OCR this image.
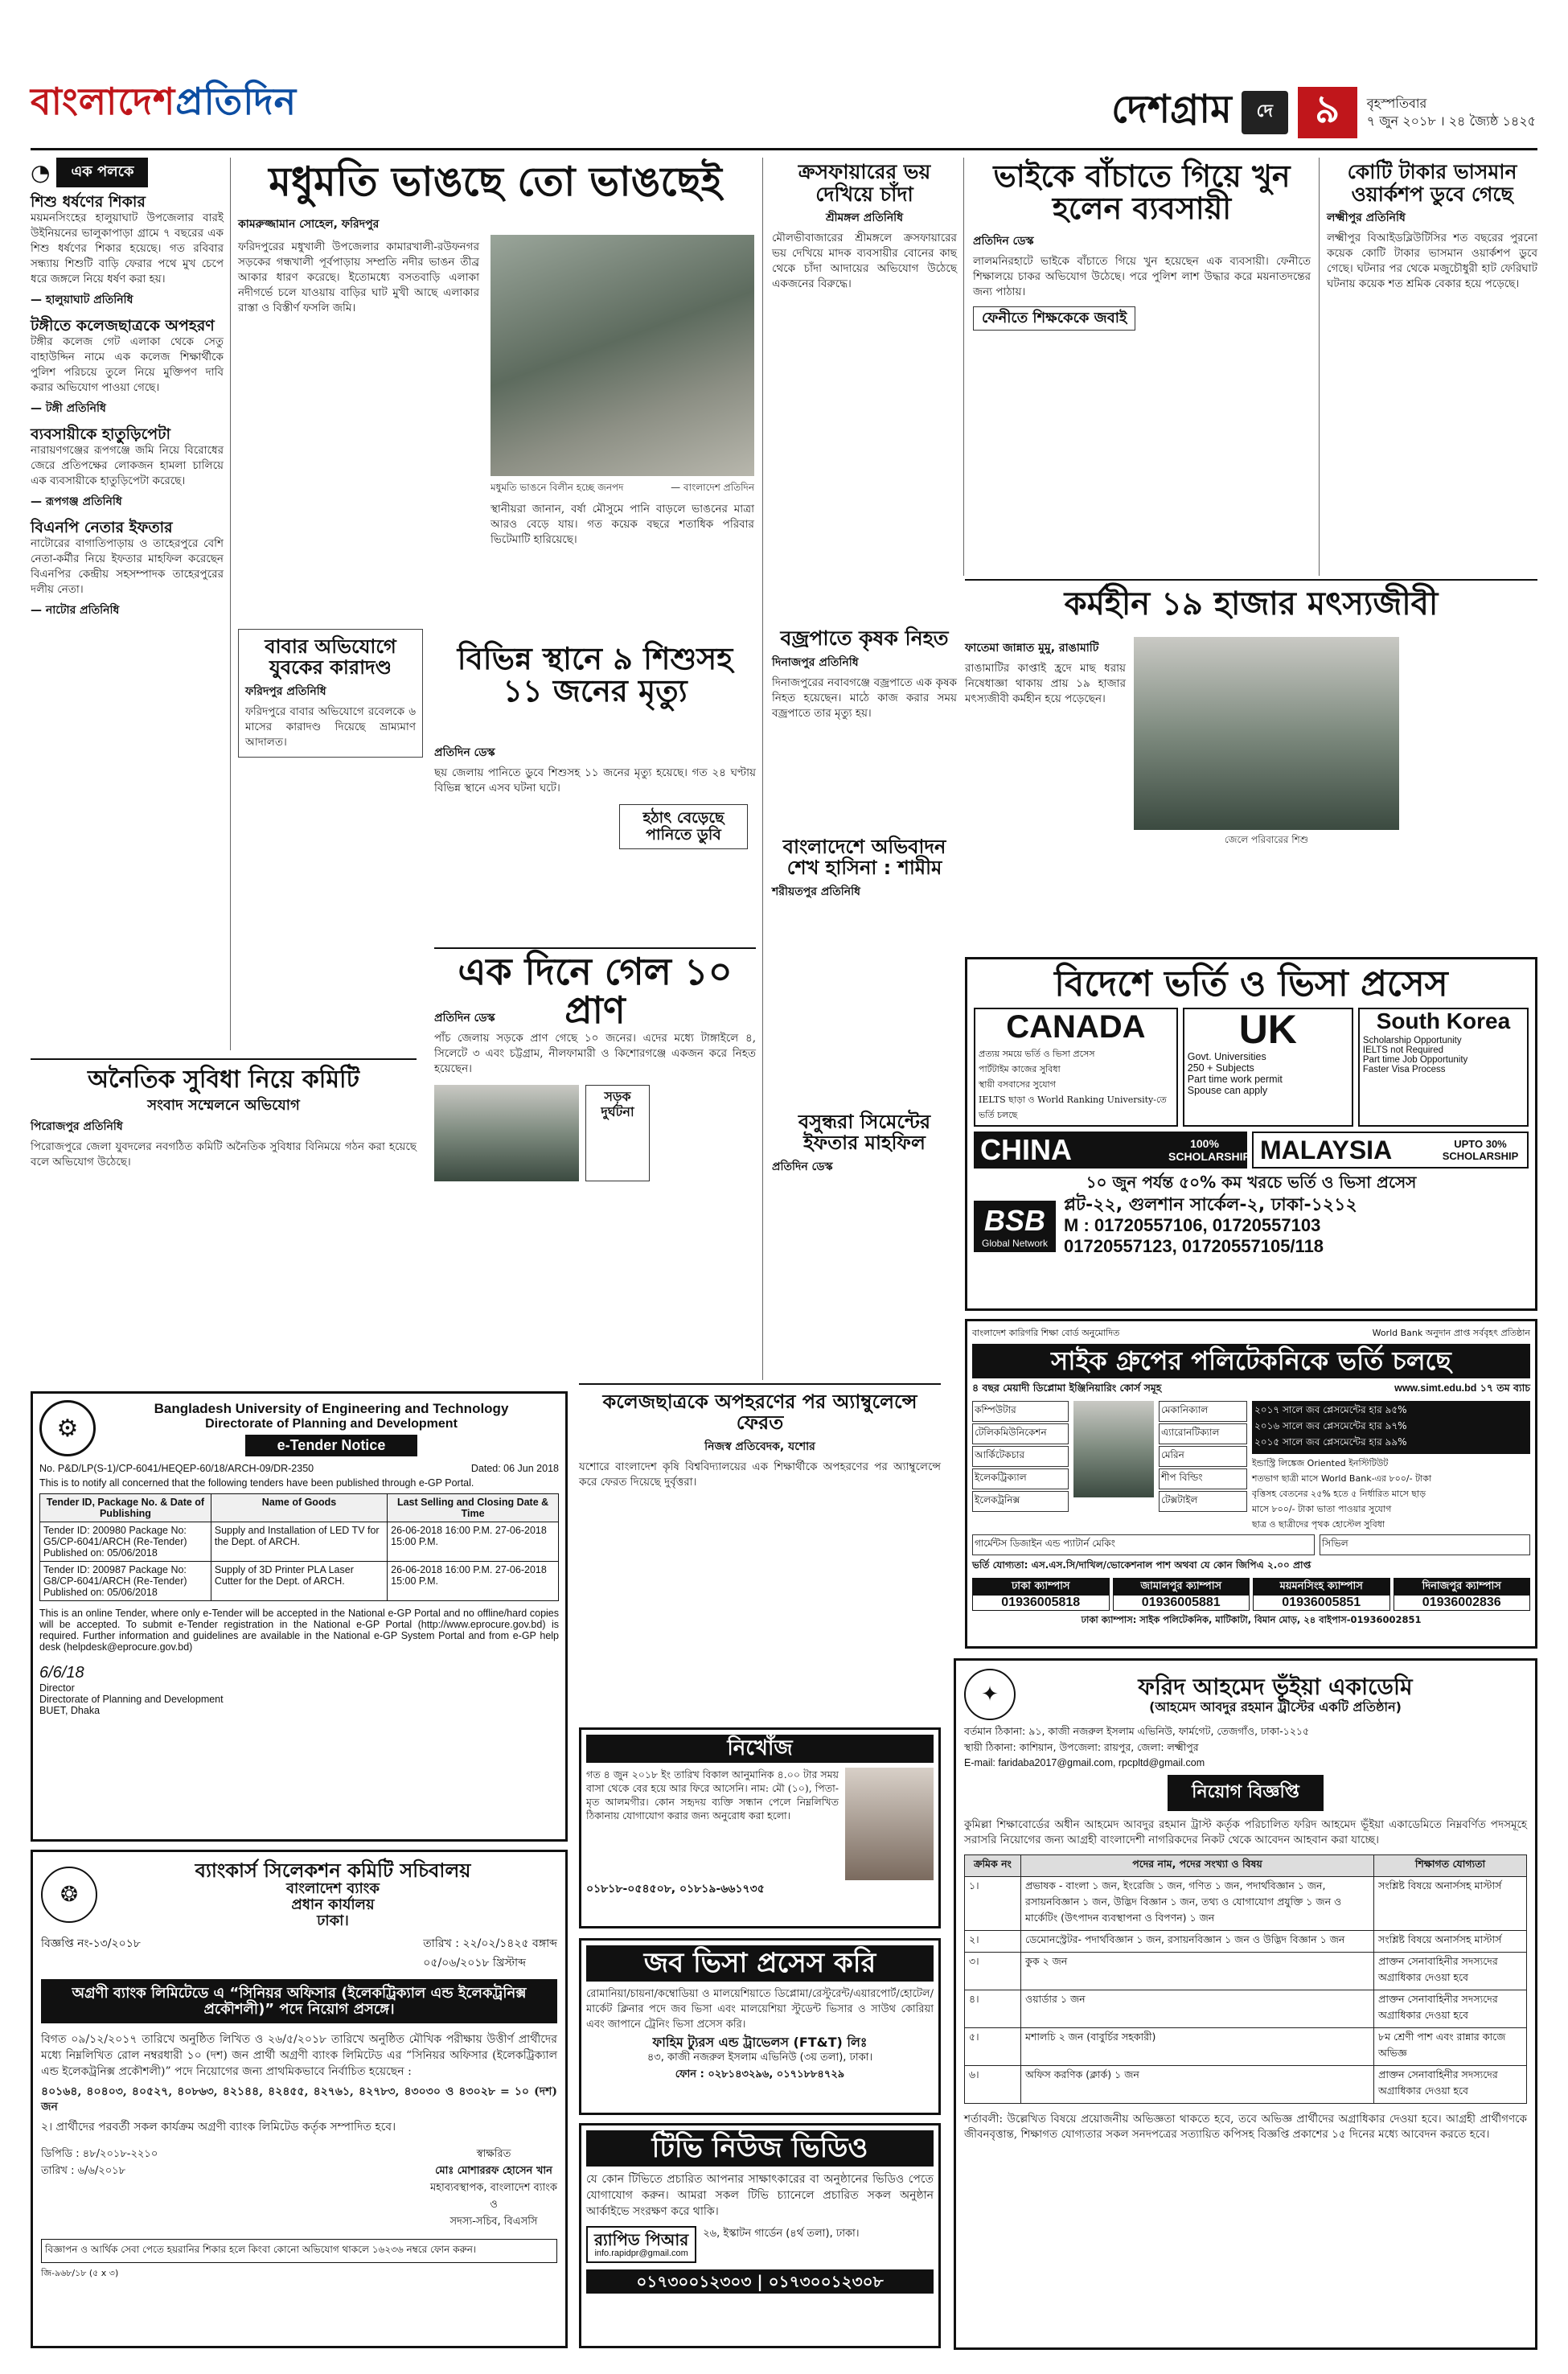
বাংলাদেশপ্রতিদিন	দেশগ্রাম	দে	৯	বৃহস্পতিবার
৭ জুন ২০১৮ । ২৪ জ্যৈষ্ঠ ১৪২৫
◔	এক পলকে
শিশু ধর্ষণের শিকার
ময়মনসিংহের হালুয়াঘাট উপজেলার বারই উইনিয়নের ভালুকাপাড়া গ্রামে ৭ বছরের এক শিশু ধর্ষণের শিকার হয়েছে। গত রবিবার সন্ধ্যায় শিশুটি বাড়ি ফেরার পথে মুখ চেপে ধরে জঙ্গলে নিয়ে ধর্ষণ করা হয়।
— হালুয়াঘাট প্রতিনিধি
টঙ্গীতে কলেজছাত্রকে অপহরণ
টঙ্গীর কলেজ গেট এলাকা থেকে সেতু বাহাউদ্দিন নামে এক কলেজ শিক্ষার্থীকে পুলিশ পরিচয়ে তুলে নিয়ে মুক্তিপণ দাবি করার অভিযোগ পাওয়া গেছে।
— টঙ্গী প্রতিনিধি
ব্যবসায়ীকে হাতুড়িপেটা
নারায়ণগঞ্জের রূপগঞ্জে জমি নিয়ে বিরোধের জেরে প্রতিপক্ষের লোকজন হামলা চালিয়ে এক ব্যবসায়ীকে হাতুড়িপেটা করেছে।
— রূপগঞ্জ প্রতিনিধি
বিএনপি নেতার ইফতার
নাটোরের বাগাতিপাড়ায় ও তাহেরপুরে বেশি নেতা-কর্মীর নিয়ে ইফতার মাহফিল করেছেন বিএনপির কেন্দ্রীয় সহসম্পাদক তাহেরপুরের দলীয় নেতা।
— নাটোর প্রতিনিধি
মধুমতি ভাঙছে তো ভাঙছেই
কামরুজ্জামান সোহেল, ফরিদপুর
ফরিদপুরের মধুখালী উপজেলার কামারখালী-রউফনগর সড়কের গন্ধখালী পূর্বপাড়ায় সম্প্রতি নদীর ভাঙন তীব্র আকার ধারণ করেছে। ইতোমধ্যে বসতবাড়ি এলাকা নদীগর্ভে চলে যাওয়ায় বাড়ির ঘাট মুখী আছে এলাকার রাস্তা ও বিস্তীর্ণ ফসলি জমি।
মধুমতি ভাঙনে বিলীন হচ্ছে জনপদ	— বাংলাদেশ প্রতিদিন
স্থানীয়রা জানান, বর্ষা মৌসুমে পানি বাড়লে ভাঙনের মাত্রা আরও বেড়ে যায়। গত কয়েক বছরে শতাধিক পরিবার ভিটেমাটি হারিয়েছে।
বাবার অভিযোগে যুবকের কারাদণ্ড
ফরিদপুর প্রতিনিধি
ফরিদপুরে বাবার অভিযোগে রবেলকে ৬ মাসের কারাদণ্ড দিয়েছে ভ্রাম্যমাণ আদালত।
বিভিন্ন স্থানে ৯ শিশুসহ ১১ জনের মৃত্যু
প্রতিদিন ডেস্ক
ছয় জেলায় পানিতে ডুবে শিশুসহ ১১ জনের মৃত্যু হয়েছে। গত ২৪ ঘণ্টায় বিভিন্ন স্থানে এসব ঘটনা ঘটে।
হঠাৎ বেড়েছে পানিতে ডুবি
এক দিনে গেল ১০ প্রাণ
প্রতিদিন ডেস্ক
পাঁচ জেলায় সড়কে প্রাণ গেছে ১০ জনের। এদের মধ্যে টাঙ্গাইলে ৪, সিলেটে ৩ এবং চট্টগ্রাম, নীলফামারী ও কিশোরগঞ্জে একজন করে নিহত হয়েছেন।
সড়ক দুর্ঘটনা
অনৈতিক সুবিধা নিয়ে কমিটি
সংবাদ সম্মেলনে অভিযোগ
পিরোজপুর প্রতিনিধি
পিরোজপুরে জেলা যুবদলের নবগঠিত কমিটি অনৈতিক সুবিধার বিনিময়ে গঠন করা হয়েছে বলে অভিযোগ উঠেছে।
ক্রসফায়ারের ভয় দেখিয়ে চাঁদা
শ্রীমঙ্গল প্রতিনিধি
মৌলভীবাজারের শ্রীমঙ্গলে ক্রসফায়ারের ভয় দেখিয়ে মাদক ব্যবসায়ীর বোনের কাছ থেকে চাঁদা আদায়ের অভিযোগ উঠেছে একজনের বিরুদ্ধে।
বজ্রপাতে কৃষক নিহত
দিনাজপুর প্রতিনিধি
দিনাজপুরের নবাবগঞ্জে বজ্রপাতে এক কৃষক নিহত হয়েছেন। মাঠে কাজ করার সময় বজ্রপাতে তার মৃত্যু হয়।
বাংলাদেশে অভিবাদন শেখ হাসিনা : শামীম
শরীয়তপুর প্রতিনিধি
বসুন্ধরা সিমেন্টের ইফতার মাহফিল
প্রতিদিন ডেস্ক
ভাইকে বাঁচাতে গিয়ে খুন হলেন ব্যবসায়ী
প্রতিদিন ডেস্ক
লালমনিরহাটে ভাইকে বাঁচাতে গিয়ে খুন হয়েছেন এক ব্যবসায়ী। ফেনীতে শিক্ষালয়ে চাকর অভিযোগ উঠেছে। পরে পুলিশ লাশ উদ্ধার করে ময়নাতদন্তের জন্য পাঠায়।
ফেনীতে শিক্ষকেকে জবাই
কোটি টাকার ভাসমান ওয়ার্কশপ ডুবে গেছে
লক্ষ্মীপুর প্রতিনিধি
লক্ষ্মীপুর বিআইডব্লিউটিসির শত বছরের পুরনো কয়েক কোটি টাকার ভাসমান ওয়ার্কশপ ডুবে গেছে। ঘটনার পর থেকে মজুচৌধুরী হাট ফেরিঘাট ঘটনায় কয়েক শত শ্রমিক বেকার হয়ে পড়েছে।
কর্মহীন ১৯ হাজার মৎস্যজীবী
ফাতেমা জান্নাত মুমু, রাঙামাটি
রাঙামাটির কাপ্তাই হ্রদে মাছ ধরায় নিষেধাজ্ঞা থাকায় প্রায় ১৯ হাজার মৎস্যজীবী কর্মহীন হয়ে পড়েছেন।
জেলে পরিবারের শিশু
কলেজছাত্রকে অপহরণের পর অ্যাম্বুলেন্সে ফেরত
নিজস্ব প্রতিবেদক, যশোর
যশোরে বাংলাদেশ কৃষি বিশ্ববিদ্যালয়ের এক শিক্ষার্থীকে অপহরণের পর অ্যাম্বুলেন্সে করে ফেরত দিয়েছে দুর্বৃত্তরা।
বিদেশে ভর্তি ও ভিসা প্রসেস
CANADA
প্রত্যয় সময়ে ভর্তি ও ভিসা প্রসেস
পার্টটাইম কাজের সুবিধা
স্থায়ী বসবাসের সুযোগ
IELTS ছাড়া ও World Ranking University-তে ভর্তি চলছে
UK
Govt. Universities
250 + Subjects
Part time work permit
Spouse can apply
South Korea
Scholarship Opportunity
IELTS not Required
Part time Job Opportunity
Faster Visa Process
CHINA	100% SCHOLARSHIP MALAYSIA	UPTO 30% SCHOLARSHIP
১০ জুন পর্যন্ত ৫০% কম খরচে ভর্তি ও ভিসা প্রসেস
BSB
Global Network
প্লট-২২, গুলশান সার্কেল-২, ঢাকা-১২১২
M : 01720557106, 01720557103
01720557123, 01720557105/118
বাংলাদেশ কারিগরি শিক্ষা বোর্ড অনুমোদিত	World Bank অনুদান প্রাপ্ত সর্ববৃহৎ প্রতিষ্ঠান
সাইক গ্রুপের পলিটেকনিকে ভর্তি চলছে
৪ বছর মেয়াদী ডিপ্লোমা ইঞ্জিনিয়ারিং কোর্স সমূহ	www.simt.edu.bd ১৭ তম ব্যাচ
কম্পিউটার
টেলিকমিউনিকেশন
আর্কিটেকচার
ইলেকট্রিক্যাল
ইলেকট্রনিক্স
মেকানিক্যাল
এ্যারোনটিক্যাল
মেরিন
শীপ বিল্ডিং
টেক্সটাইল
২০১৭ সালে জব প্লেসমেন্টের হার ৯৫%
২০১৬ সালে জব প্লেসমেন্টের হার ৯৭%
২০১৫ সালে জব প্লেসমেন্টের হার ৯৯%
ইন্ডাস্ট্রি লিঙ্কেজ Oriented ইনস্টিটিউট
শতভাগ ছাত্রী মাসে World Bank-এর ৮০০/- টাকা
বৃত্তিসহ বেতনের ২৫% হতে ৫ নির্ধারিত মাসে ছাড়
মাসে ৮০০/- টাকা ভাতা পাওয়ার সুযোগ
ছাত্র ও ছাত্রীদের পৃথক হোস্টেল সুবিধা
গার্মেন্টস ডিজাইন এন্ড প্যাটার্ন মেকিং	সিভিল
ভর্তি যোগ্যতা: এস.এস.সি/দাখিল/ভোকেশনাল পাশ অথবা যে কোন জিপিএ ২.০০ প্রাপ্ত
ঢাকা ক্যাম্পাস
01936005818
জামালপুর ক্যাম্পাস
01936005881
ময়মনসিংহ ক্যাম্পাস
01936005851
দিনাজপুর ক্যাম্পাস
01936002836
ঢাকা ক্যাম্পাস: সাইক পলিটেকনিক, মাটিকাটা, বিমান মোড়, ২৪ বাইপাস-01936002851
⚙
Bangladesh University of Engineering and Technology
Directorate of Planning and Development
e-Tender Notice
No. P&D/LP(S-1)/CP-6041/HEQEP-60/18/ARCH-09/DR-2350	Dated: 06 Jun 2018
This is to notify all concerned that the following tenders have been published through e-GP Portal.
Tender ID, Package No. & Date of Publishing	Name of Goods	Last Selling and Closing Date & Time
Tender ID: 200980 Package No: G5/CP-6041/ARCH (Re-Tender) Published on: 05/06/2018	Supply and Installation of LED TV for the Dept. of ARCH.	26-06-2018 16:00 P.M. 27-06-2018 15:00 P.M.
Tender ID: 200987 Package No: G8/CP-6041/ARCH (Re-Tender) Published on: 05/06/2018	Supply of 3D Printer PLA Laser Cutter for the Dept. of ARCH.	26-06-2018 16:00 P.M. 27-06-2018 15:00 P.M.
This is an online Tender, where only e-Tender will be accepted in the National e-GP Portal and no offline/hard copies will be accepted. To submit e-Tender registration in the National e-GP Portal (http://www.eprocure.gov.bd) is required. Further information and guidelines are available in the National e-GP System Portal and from e-GP help desk (helpdesk@eprocure.gov.bd)
6/6/18
Director
Directorate of Planning and Development
BUET, Dhaka
❂
ব্যাংকার্স সিলেকশন কমিটি সচিবালয়
বাংলাদেশ ব্যাংক
প্রধান কার্যালয়
ঢাকা।
বিজ্ঞপ্তি নং-১৩/২০১৮	তারিখ : ২২/০২/১৪২৫ বঙ্গাব্দ
০৫/০৬/২০১৮ খ্রিস্টাব্দ
অগ্রণী ব্যাংক লিমিটেডে এ “সিনিয়র অফিসার (ইলেকট্রিক্যাল এন্ড ইলেকট্রনিক্স প্রকৌশলী)” পদে নিয়োগ প্রসঙ্গে।
বিগত ০৯/১২/২০১৭ তারিখে অনুষ্ঠিত লিখিত ও ২৬/৫/২০১৮ তারিখে অনুষ্ঠিত মৌখিক পরীক্ষায় উত্তীর্ণ প্রার্থীদের মধ্যে নিম্নলিখিত রোল নম্বরধারী ১০ (দশ) জন প্রার্থী অগ্রণী ব্যাংক লিমিটেড এর “সিনিয়র অফিসার (ইলেকট্রিক্যাল এন্ড ইলেকট্রনিক্স প্রকৌশলী)” পদে নিয়োগের জন্য প্রাথমিকভাবে নির্বাচিত হয়েছেন :
৪০১৬৪, ৪০৪০৩, ৪০৫২৭, ৪০৮৬৩, ৪২১৪৪, ৪২৪৫৫, ৪২৭৬১, ৪২৭৮৩, ৪৩০৩০ ও ৪৩০২৮ = ১০ (দশ) জন
২। প্রার্থীদের পরবর্তী সকল কার্যক্রম অগ্রণী ব্যাংক লিমিটেড কর্তৃক সম্পাদিত হবে।
ডিপিডি : ৪৮/২০১৮-২২১০
তারিখ : ৬/৬/২০১৮
স্বাক্ষরিত
মোঃ মোশাররফ হোসেন খান
মহাব্যবস্থাপক, বাংলাদেশ ব্যাংক
ও
সদস্য-সচিব, বিএসসি
বিজ্ঞাপন ও আর্থিক সেবা পেতে হয়রানির শিকার হলে কিংবা কোনো অভিযোগ থাকলে ১৬২৩৬ নম্বরে ফোন করুন।
জি-৯৬৮/১৮ (৫ x ৩)
নিখোঁজ
গত ৪ জুন ২০১৮ ইং তারিখ বিকাল আনুমানিক ৪.০০ টার সময় বাসা থেকে বের হয়ে আর ফিরে আসেনি। নাম: মৌ (১০), পিতা-মৃত আলমগীর। কোন সহৃদয় ব্যক্তি সন্ধান পেলে নিম্নলিখিত ঠিকানায় যোগাযোগ করার জন্য অনুরোধ করা হলো।
০১৮১৮-০৫৪৫০৮, ০১৮১৯-৬৬১৭৩৫
জব ভিসা প্রসেস করি
রোমানিয়া/চায়না/কম্বোডিয়া ও মালয়েশিয়াতে ডিপ্লোমা/রেস্টুরেন্ট/এয়ারপোর্ট/হোটেল/মার্কেট ক্লিনার পদে জব ভিসা এবং মালয়েশিয়া স্টুডেন্ট ভিসার ও সাউথ কোরিয়া এবং জাপানে ট্রেনিং ভিসা প্রসেস করি।
ফাহিম ট্যুরস এন্ড ট্রাভেলস (FT&T) লিঃ
৪৩, কাজী নজরুল ইসলাম এভিনিউ (৩য় তলা), ঢাকা।
ফোন : ০২৮১৪৩২৯৬, ০১৭১৮৮৪৭২৯
টিভি নিউজ ভিডিও
যে কোন টিভিতে প্রচারিত আপনার সাক্ষাৎকারের বা অনুষ্ঠানের ভিডিও পেতে যোগাযোগ করুন। আমরা সকল টিভি চ্যানেলে প্রচারিত সকল অনুষ্ঠান আর্কাইভে সংরক্ষণ করে থাকি।
র‍্যাপিড পিআর
info.rapidpr@gmail.com
২৬, ইস্কাটন গার্ডেন (৪র্থ তলা), ঢাকা।
০১৭৩০০১২৩০৩ | ০১৭৩০০১২৩০৮
✦	ফরিদ আহমেদ ভূঁইয়া একাডেমি
(আহমেদ আবদুর রহমান ট্রাস্টের একটি প্রতিষ্ঠান)
বর্তমান ঠিকানা: ৯১, কাজী নজরুল ইসলাম এভিনিউ, ফার্মগেট, তেজগাঁও, ঢাকা-১২১৫
স্থায়ী ঠিকানা: কাশিয়ান, উপজেলা: রায়পুর, জেলা: লক্ষ্মীপুর
E-mail: faridaba2017@gmail.com, rpcpltd@gmail.com
নিয়োগ বিজ্ঞপ্তি
কুমিল্লা শিক্ষাবোর্ডের অধীন আহমেদ আবদুর রহমান ট্রাস্ট কর্তৃক পরিচালিত ফরিদ আহমেদ ভূঁইয়া একাডেমিতে নিম্নবর্ণিত পদসমূহে সরাসরি নিয়োগের জন্য আগ্রহী বাংলাদেশী নাগরিকদের নিকট থেকে আবেদন আহবান করা যাচ্ছে।
ক্রমিক নং	পদের নাম, পদের সংখ্যা ও বিষয়	শিক্ষাগত যোগ্যতা
১।	প্রভাষক - বাংলা ১ জন, ইংরেজি ১ জন, গণিত ১ জন, পদার্থবিজ্ঞান ১ জন, রসায়নবিজ্ঞান ১ জন, উদ্ভিদ বিজ্ঞান ১ জন, তথ্য ও যোগাযোগ প্রযুক্তি ১ জন ও মার্কেটিং (উৎপাদন ব্যবস্থাপনা ও বিপণন) ১ জন	সংশ্লিষ্ট বিষয়ে অনার্সসহ মাস্টার্স
২।	ডেমোনস্ট্রেটর- পদার্থবিজ্ঞান ১ জন, রসায়নবিজ্ঞান ১ জন ও উদ্ভিদ বিজ্ঞান ১ জন	সংশ্লিষ্ট বিষয়ে অনার্সসহ মাস্টার্স
৩।	কুক ২ জন	প্রাক্তন সেনাবাহিনীর সদস্যদের অগ্রাধিকার দেওয়া হবে
৪।	ওয়ার্ডার ১ জন	প্রাক্তন সেনাবাহিনীর সদস্যদের অগ্রাধিকার দেওয়া হবে
৫।	মশালচি ২ জন (বাবুর্চির সহকারী)	৮ম শ্রেণী পাশ এবং রান্নার কাজে অভিজ্ঞ
৬।	অফিস করণিক (ক্লার্ক) ১ জন	প্রাক্তন সেনাবাহিনীর সদস্যদের অগ্রাধিকার দেওয়া হবে
শর্তাবলী: উল্লেখিত বিষয়ে প্রয়োজনীয় অভিজ্ঞতা থাকতে হবে, তবে অভিজ্ঞ প্রার্থীদের অগ্রাধিকার দেওয়া হবে। আগ্রহী প্রার্থীগণকে জীবনবৃত্তান্ত, শিক্ষাগত যোগ্যতার সকল সনদপত্রের সত্যায়িত কপিসহ বিজ্ঞপ্তি প্রকাশের ১৫ দিনের মধ্যে আবেদন করতে হবে।
